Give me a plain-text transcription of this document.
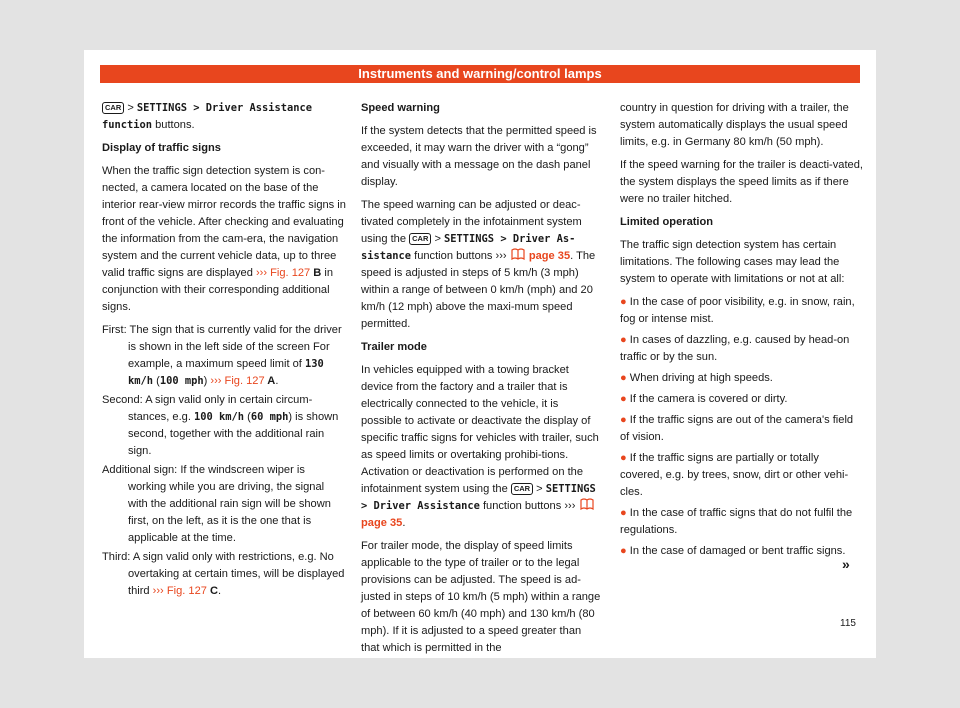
Instruments and warning/control lamps

CAR > SETTINGS > Driver Assistance function buttons.

Display of traffic signs

When the traffic sign detection system is con-nected, a camera located on the base of the interior rear-view mirror records the traffic signs in front of the vehicle. After checking and evaluating the information from the cam-era, the navigation system and the current vehicle data, up to three valid traffic signs are displayed ››› Fig. 127 B in conjunction with their corresponding additional signs.

First: The sign that is currently valid for the driver is shown in the left side of the screen For example, a maximum speed limit of 130 km/h (100 mph) ››› Fig. 127 A.

Second: A sign valid only in certain circum-stances, e.g. 100 km/h (60 mph) is shown second, together with the additional rain sign.

Additional sign: If the windscreen wiper is working while you are driving, the signal with the additional rain sign will be shown first, on the left, as it is the one that is applicable at the time.

Third: A sign valid only with restrictions, e.g. No overtaking at certain times, will be displayed third ››› Fig. 127 C.

Speed warning

If the system detects that the permitted speed is exceeded, it may warn the driver with a “gong” and visually with a message on the dash panel display.

The speed warning can be adjusted or deac-tivated completely in the infotainment system using the CAR > SETTINGS > Driver As-sistance function buttons ›››  page 35. The speed is adjusted in steps of 5 km/h (3 mph) within a range of between 0 km/h (mph) and 20 km/h (12 mph) above the maxi-mum speed permitted.

Trailer mode

In vehicles equipped with a towing bracket device from the factory and a trailer that is electrically connected to the vehicle, it is possible to activate or deactivate the display of specific traffic signs for vehicles with trailer, such as speed limits or overtaking prohibi-tions. Activation or deactivation is performed on the infotainment system using the CAR > SETTINGS > Driver Assistance function buttons ›››  page 35.

For trailer mode, the display of speed limits applicable to the type of trailer or to the legal provisions can be adjusted. The speed is ad-justed in steps of 10 km/h (5 mph) within a range of between 60 km/h (40 mph) and 130 km/h (80 mph). If it is adjusted to a speed greater than that which is permitted in the

country in question for driving with a trailer, the system automatically displays the usual speed limits, e.g. in Germany 80 km/h (50 mph).

If the speed warning for the trailer is deacti-vated, the system displays the speed limits as if there were no trailer hitched.

Limited operation

The traffic sign detection system has certain limitations. The following cases may lead the system to operate with limitations or not at all:

● In the case of poor visibility, e.g. in snow, rain, fog or intense mist.

● In cases of dazzling, e.g. caused by head-on traffic or by the sun.

● When driving at high speeds.

● If the camera is covered or dirty.

● If the traffic signs are out of the camera's field of vision.

● If the traffic signs are partially or totally covered, e.g. by trees, snow, dirt or other vehi-cles.

● In the case of traffic signs that do not fulfil the regulations.

● In the case of damaged or bent traffic signs.

»
115
